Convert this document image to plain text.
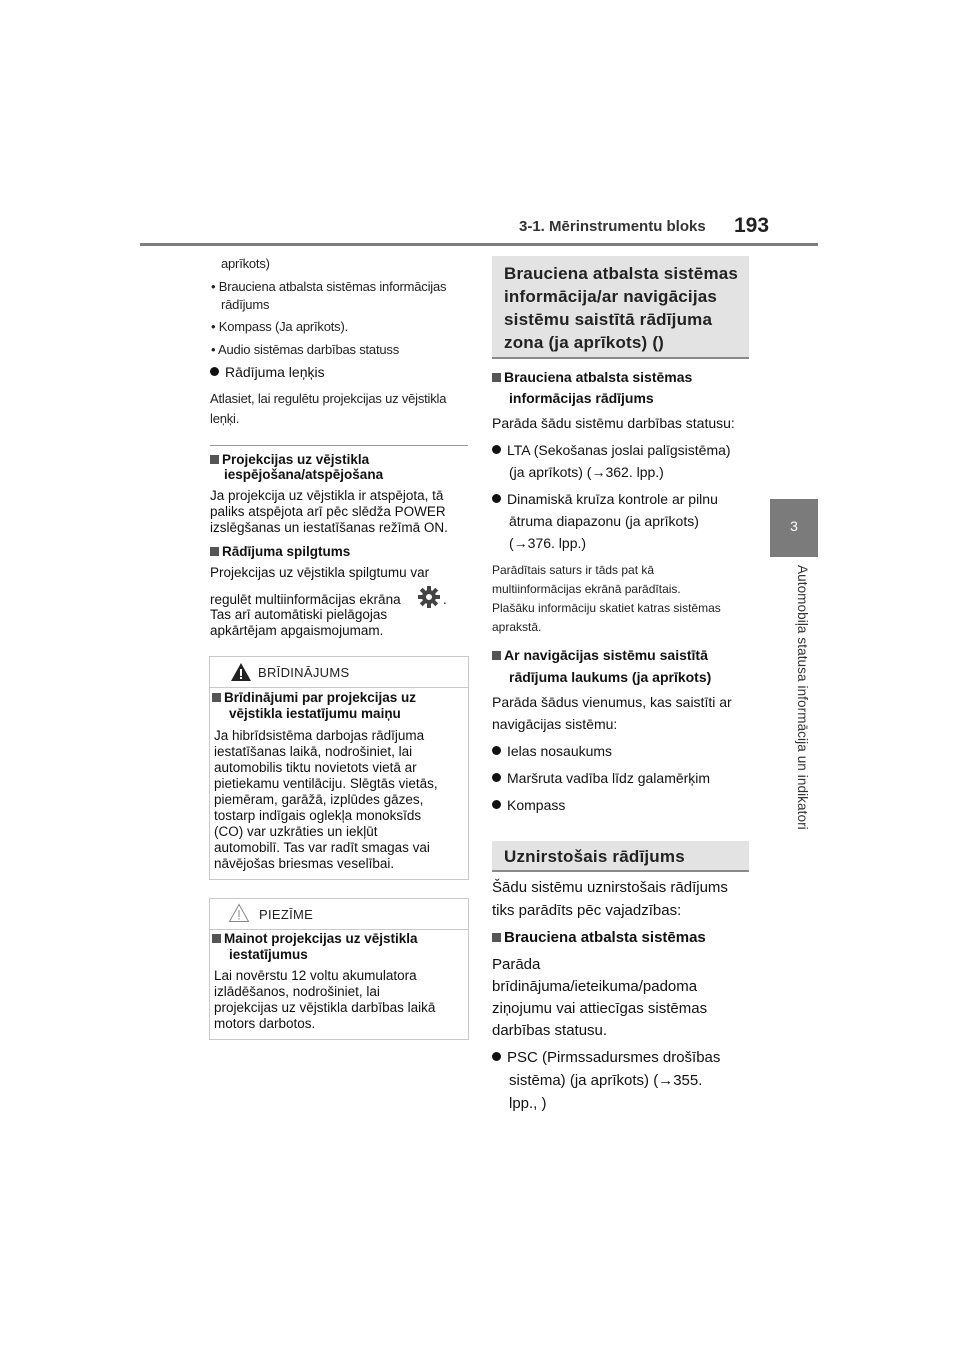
3-1. Mērinstrumentu bloks 193
3
Automobiļa statusa informācija un indikatori
aprīkots)
• Brauciena atbalsta sistēmas informācijas
rādījums
• Kompass (Ja aprīkots).
• Audio sistēmas darbības statuss
Rādījuma leņķis
Atlasiet, lai regulētu projekcijas uz vējstikla
leņķi.
Projekcijas uz vējstikla
iespējošana/atspējošana
Ja projekcija uz vējstikla ir atspējota, tā
paliks atspējota arī pēc slēdža POWER
izslēgšanas un iestatīšanas režīmā ON.
Rādījuma spilgtums
Projekcijas uz vējstikla spilgtumu var
regulēt multiinformācijas ekrāna	.
Tas arī automātiski pielāgojas
apkārtējam apgaismojumam.
BRĪDINĀJUMS
Brīdinājumi par projekcijas uz
vējstikla iestatījumu maiņu
Ja hibrīdsistēma darbojas rādījuma
iestatīšanas laikā, nodrošiniet, lai
automobilis tiktu novietots vietā ar
pietiekamu ventilāciju. Slēgtās vietās,
piemēram, garāžā, izplūdes gāzes,
tostarp indīgais oglekļa monoksīds
(CO) var uzkrāties un iekļūt
automobilī. Tas var radīt smagas vai
nāvējošas briesmas veselībai.
PIEZĪME
Mainot projekcijas uz vējstikla
iestatījumus
Lai novērstu 12 voltu akumulatora
izlādēšanos, nodrošiniet, lai
projekcijas uz vējstikla darbības laikā
motors darbotos.
Brauciena atbalsta sistēmas
informācija/ar navigācijas
sistēmu saistītā rādījuma
zona (ja aprīkots) ()
Brauciena atbalsta sistēmas
informācijas rādījums
Parāda šādu sistēmu darbības statusu:
LTA (Sekošanas joslai palīgsistēma)
(ja aprīkots) (→362. lpp.)
Dinamiskā kruīza kontrole ar pilnu
ātruma diapazonu (ja aprīkots)
(→376. lpp.)
Parādītais saturs ir tāds pat kā
multiinformācijas ekrānā parādītais.
Plašāku informāciju skatiet katras sistēmas
aprakstā.
Ar navigācijas sistēmu saistītā
rādījuma laukums (ja aprīkots)
Parāda šādus vienumus, kas saistīti ar
navigācijas sistēmu:
Ielas nosaukums
Maršruta vadība līdz galamērķim
Kompass
Uznirstošais rādījums
Šādu sistēmu uznirstošais rādījums
tiks parādīts pēc vajadzības:
Brauciena atbalsta sistēmas
Parāda
brīdinājuma/ieteikuma/padoma
ziņojumu vai attiecīgas sistēmas
darbības statusu.
PSC (Pirmssadursmes drošības
sistēma) (ja aprīkots) (→355.
lpp., )
